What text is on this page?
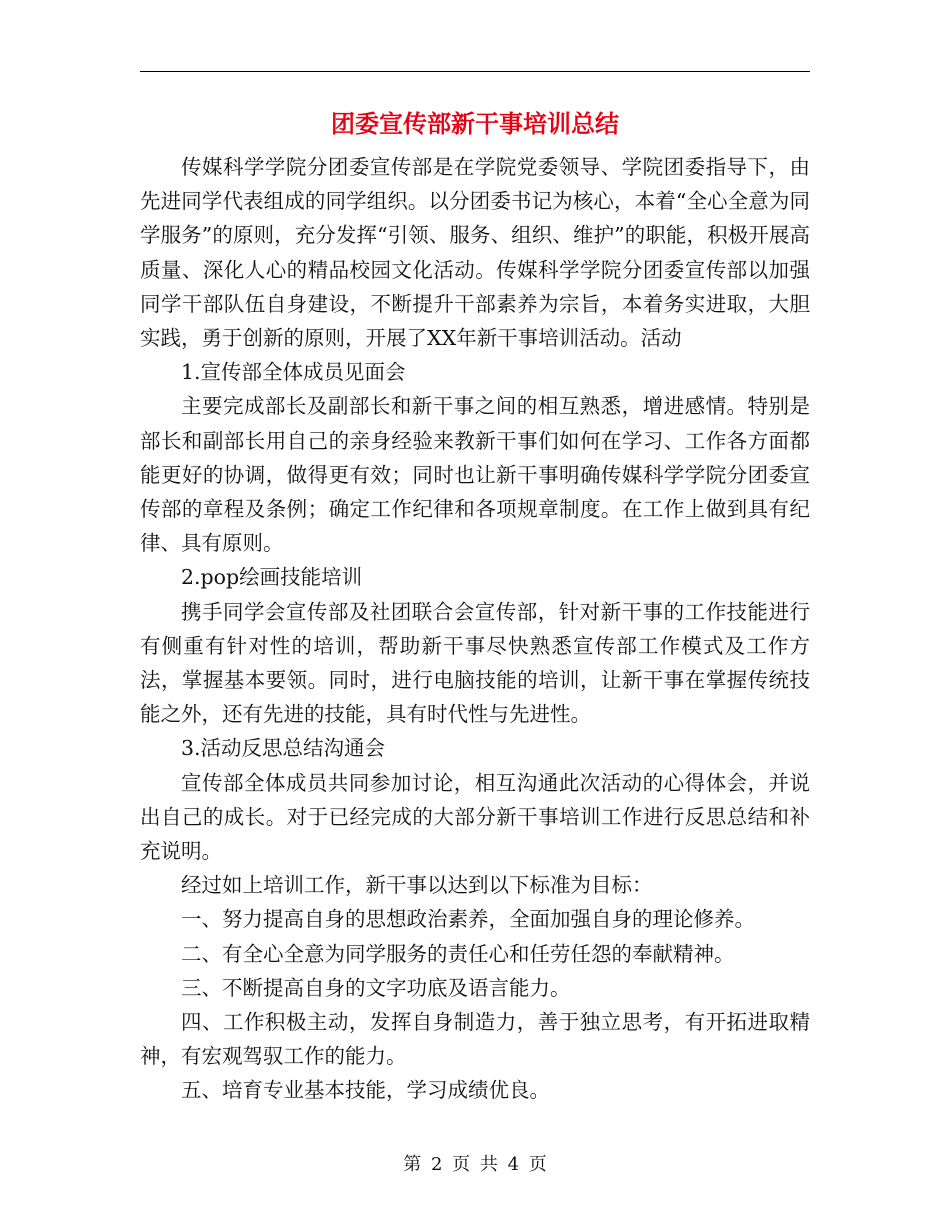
团委宣传部新干事培训总结

传媒科学学院分团委宣传部是在学院党委领导、学院团委指导下，由先进同学代表组成的同学组织。以分团委书记为核心，本着“全心全意为同学服务”的原则，充分发挥“引领、服务、组织、维护”的职能，积极开展高质量、深化人心的精品校园文化活动。传媒科学学院分团委宣传部以加强同学干部队伍自身建设，不断提升干部素养为宗旨，本着务实进取，大胆实践，勇于创新的原则，开展了XX年新干事培训活动。活动

1.宣传部全体成员见面会

主要完成部长及副部长和新干事之间的相互熟悉，增进感情。特别是部长和副部长用自己的亲身经验来教新干事们如何在学习、工作各方面都能更好的协调，做得更有效；同时也让新干事明确传媒科学学院分团委宣传部的章程及条例；确定工作纪律和各项规章制度。在工作上做到具有纪律、具有原则。

2.pop绘画技能培训

携手同学会宣传部及社团联合会宣传部，针对新干事的工作技能进行有侧重有针对性的培训，帮助新干事尽快熟悉宣传部工作模式及工作方法，掌握基本要领。同时，进行电脑技能的培训，让新干事在掌握传统技能之外，还有先进的技能，具有时代性与先进性。

3.活动反思总结沟通会

宣传部全体成员共同参加讨论，相互沟通此次活动的心得体会，并说出自己的成长。对于已经完成的大部分新干事培训工作进行反思总结和补充说明。

经过如上培训工作，新干事以达到以下标准为目标：

一、努力提高自身的思想政治素养，全面加强自身的理论修养。

二、有全心全意为同学服务的责任心和任劳任怨的奉献精神。

三、不断提高自身的文字功底及语言能力。

四、工作积极主动，发挥自身制造力，善于独立思考，有开拓进取精神，有宏观驾驭工作的能力。

五、培育专业基本技能，学习成绩优良。

第 2 页 共 4 页
